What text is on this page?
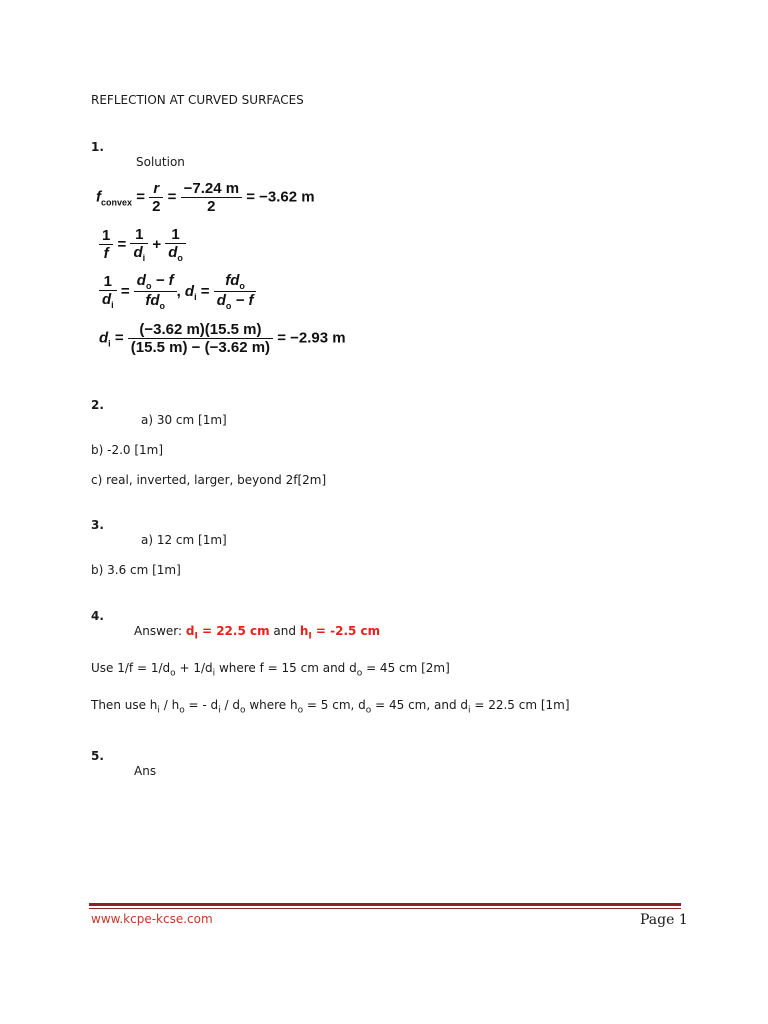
REFLECTION AT CURVED SURFACES
1.
Solution
$f_{convex} = \frac{r}{2} = \frac{-7.24 m}{2} = -3.62$ m
$\frac{1}{f} = \frac{1}{d_i} + \frac{1}{d_o}$
$\frac{1}{d_i} = \frac{d_o - f}{fd_o}$ , $d_i = \frac{fd_o}{d_o - f}$
$d_i = \frac{(-3.62 m)(15.5 m)}{(15.5 m) - (-3.62 m)} = -2.93$ m
2.
a) 30 cm [1m]
b) -2.0 [1m]
c) real, inverted, larger, beyond 2f[2m]
3.
a) 12 cm [1m]
b) 3.6 cm [1m]
4.
Answer: $d_I = 22.5$ cm and $h_I = -2.5$ cm
Use $1/f = 1/d_o + 1/d_i$ where f = 15 cm and $d_o = 45$ cm [2m]
Then use $h_i / h_o$ = - $d_i / d_o$ where $h_o = 5$ cm, $d_o = 45$ cm, and $d_i = 22.5$ cm [1m]
5.
Ans
www.kcpe-kcse.com	Page 1
